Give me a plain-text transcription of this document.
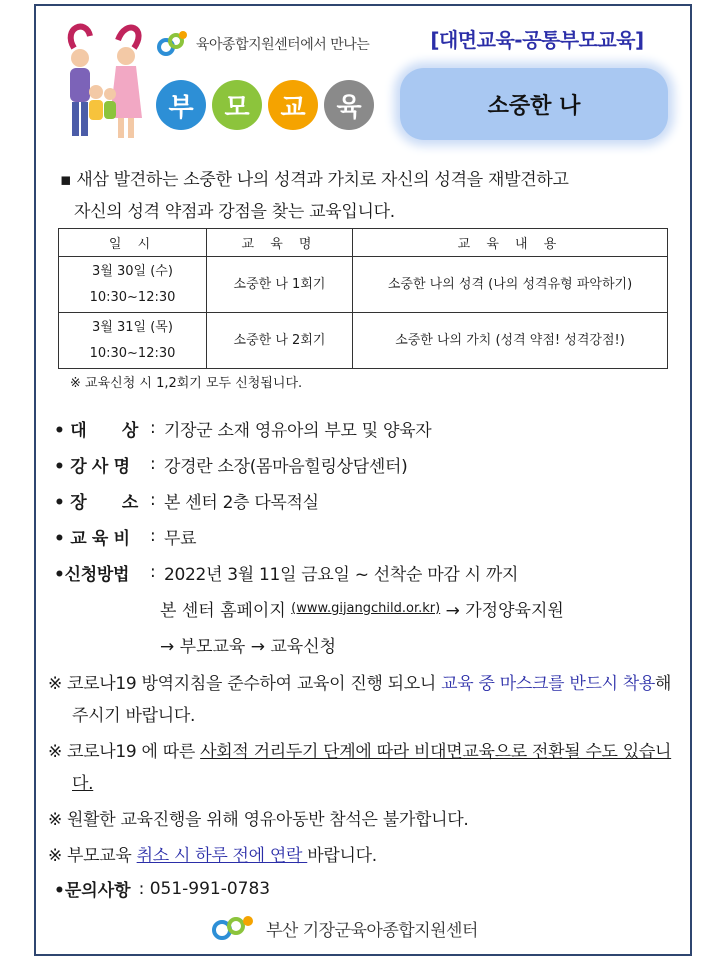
육아종합지원센터에서 만나는
부	모	교	육
[대면교육-공통부모교육]
소중한 나
▪ 새삼 발견하는 소중한 나의 성격과 가치로 자신의 성격을 재발견하고
자신의 성격 약점과 강점을 찾는 교육입니다.
일 시	교 육 명	교 육 내 용

3월 30일 (수)
10:30~12:30	소중한 나 1회기	소중한 나의 성격 (나의 성격유형 파악하기)

3월 31일 (목)
10:30~12:30	소중한 나 2회기	소중한 나의 가치 (성격 약점! 성격강점!)
※ 교육신청 시 1,2회기 모두 신청됩니다.
• 대 상 : 기장군 소재 영유아의 부모 및 양육자
• 강 사 명	: 강경란 소장(몸마음힐링상담센터)
• 장 소 : 본 센터 2층 다목적실
• 교 육 비	: 무료
•신청방법	: 2022년 3월 11일 금요일 ~ 선착순 마감 시 까지
본 센터 홈페이지
(www.gijangchild.or.kr)
→ 가정양육지원
→ 부모교육 → 교육신청
※ 코로나19 방역지침을 준수하여 교육이 진행 되오니 교육 중 마스크를 반드시 착용해 주시기 바랍니다.
※ 코로나19 에 따른 사회적 거리두기 단계에 따라 비대면교육으로 전환될 수도 있습니다.
※ 원활한 교육진행을 위해 영유아동반 참석은 불가합니다.
※ 부모교육 취소 시 하루 전에 연락 바랍니다.
•문의사항 : 051-991-0783
부산 기장군육아종합지원센터
